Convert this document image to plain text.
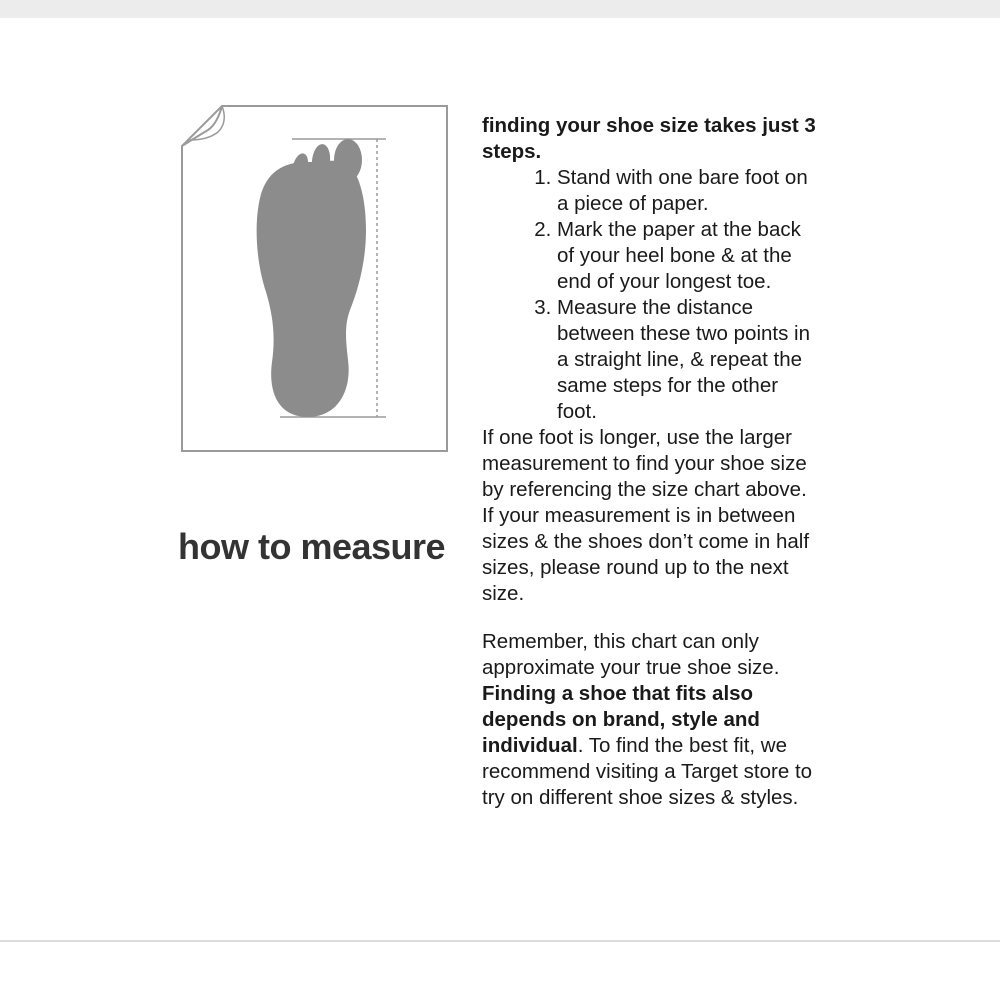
how to measure

finding your shoe size takes just 3 steps.

1. Stand with one bare foot on a piece of paper.
2. Mark the paper at the back of your heel bone & at the end of your longest toe.
3. Measure the distance between these two points in a straight line, & repeat the same steps for the other foot.

If one foot is longer, use the larger measurement to find your shoe size by referencing the size chart above. If your measurement is in between sizes & the shoes don’t come in half sizes, please round up to the next size.

Remember, this chart can only approximate your true shoe size. Finding a shoe that fits also depends on brand, style and individual. To find the best fit, we recommend visiting a Target store to try on different shoe sizes & styles.
